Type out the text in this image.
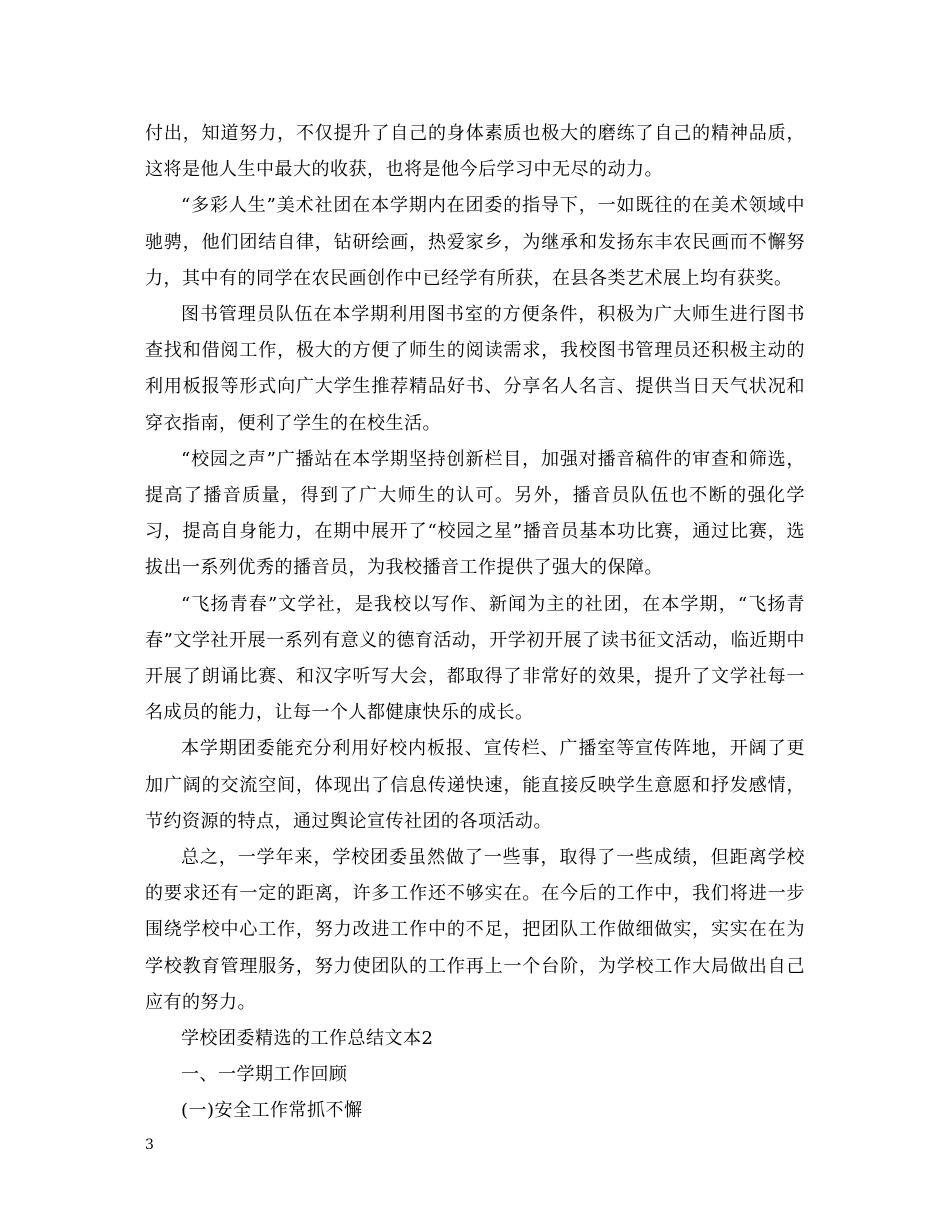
付出，知道努力，不仅提升了自己的身体素质也极大的磨练了自己的精神品质，这将是他人生中最大的收获，也将是他今后学习中无尽的动力。

“多彩人生”美术社团在本学期内在团委的指导下，一如既往的在美术领域中驰骋，他们团结自律，钻研绘画，热爱家乡，为继承和发扬东丰农民画而不懈努力，其中有的同学在农民画创作中已经学有所获，在县各类艺术展上均有获奖。

图书管理员队伍在本学期利用图书室的方便条件，积极为广大师生进行图书查找和借阅工作，极大的方便了师生的阅读需求，我校图书管理员还积极主动的利用板报等形式向广大学生推荐精品好书、分享名人名言、提供当日天气状况和穿衣指南，便利了学生的在校生活。

“校园之声”广播站在本学期坚持创新栏目，加强对播音稿件的审查和筛选，提高了播音质量，得到了广大师生的认可。另外，播音员队伍也不断的强化学习，提高自身能力，在期中展开了“校园之星”播音员基本功比赛，通过比赛，选拔出一系列优秀的播音员，为我校播音工作提供了强大的保障。

“飞扬青春”文学社，是我校以写作、新闻为主的社团，在本学期，“飞扬青春”文学社开展一系列有意义的德育活动，开学初开展了读书征文活动，临近期中开展了朗诵比赛、和汉字听写大会，都取得了非常好的效果，提升了文学社每一名成员的能力，让每一个人都健康快乐的成长。

本学期团委能充分利用好校内板报、宣传栏、广播室等宣传阵地，开阔了更加广阔的交流空间，体现出了信息传递快速，能直接反映学生意愿和抒发感情，节约资源的特点，通过舆论宣传社团的各项活动。

总之，一学年来，学校团委虽然做了一些事，取得了一些成绩，但距离学校的要求还有一定的距离，许多工作还不够实在。在今后的工作中，我们将进一步围绕学校中心工作，努力改进工作中的不足，把团队工作做细做实，实实在在为学校教育管理服务，努力使团队的工作再上一个台阶，为学校工作大局做出自己应有的努力。

学校团委精选的工作总结文本2

一、一学期工作回顾

(一)安全工作常抓不懈

3
